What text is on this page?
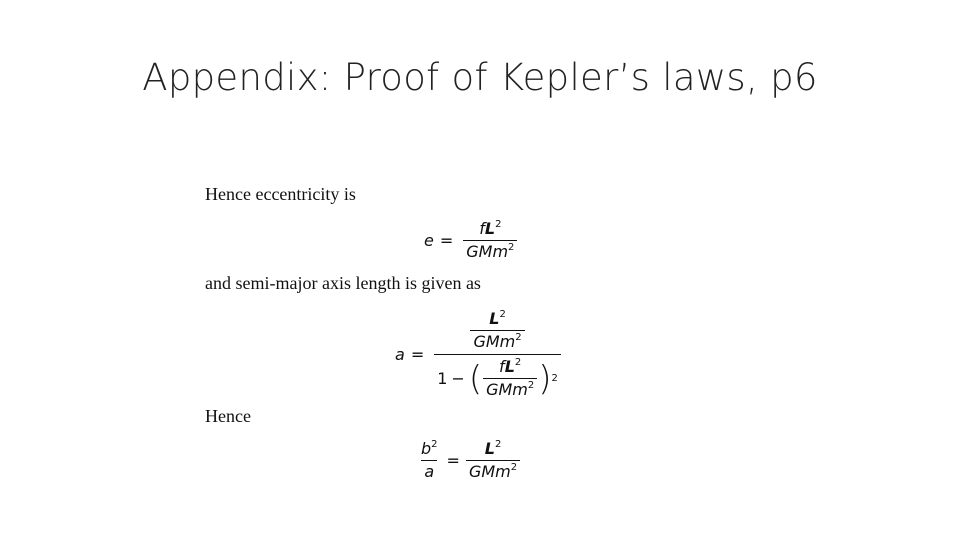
Appendix: Proof of Kepler’s laws, p6
Hence eccentricity is
$e = \frac{fL^2}{GMm^2}$
and semi-major axis length is given as
a =
$\frac{L^2}{GMm^2}$
1 − ( $\frac{fL^2}{GMm^2}$ ) 2
Hence
$\frac{b^2}{a} = \frac{L^2}{GMm^2}$
